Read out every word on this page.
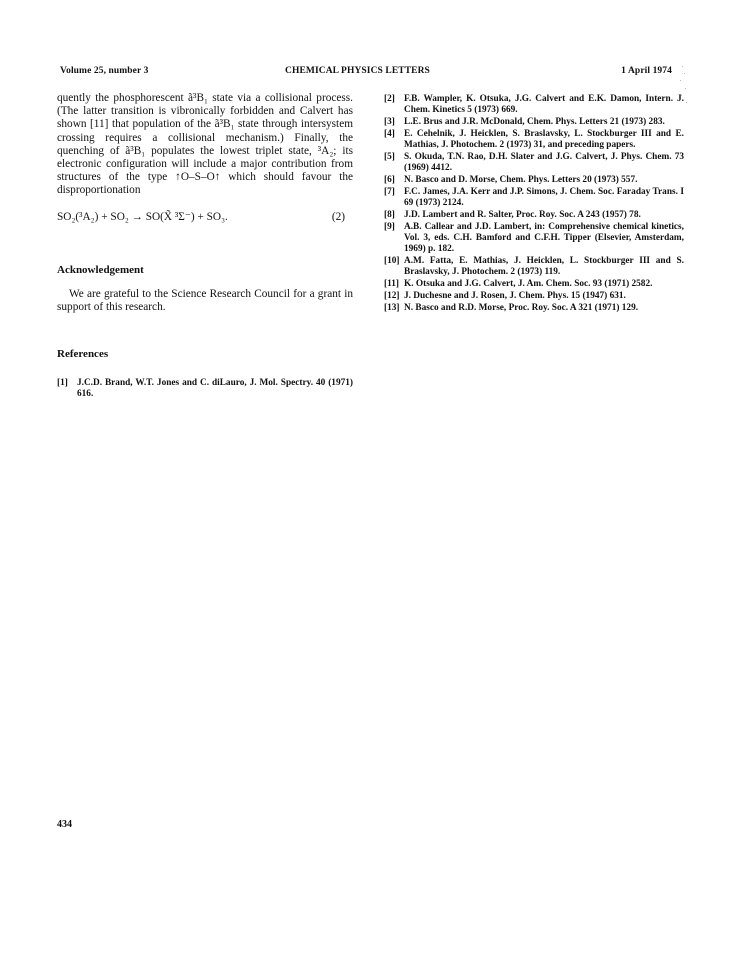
Volume 25, number 3	CHEMICAL PHYSICS LETTERS	1 April 1974

quently the phosphorescent ã³B₁ state via a collisional process. (The latter transition is vibronically forbidden and Calvert has shown [11] that population of the ã³B₁ state through intersystem crossing requires a collisional mechanism.) Finally, the quenching of ã³B₁ populates the lowest triplet state, ³A₂; its electronic configuration will include a major contribution from structures of the type ↑O–S–O↑ which should favour the disproportionation

SO₂(³A₂) + SO₂ → SO(X̃ ³Σ⁻) + SO₃.	(2)

Acknowledgement

We are grateful to the Science Research Council for a grant in support of this research.

References

[1] J.C.D. Brand, W.T. Jones and C. diLauro, J. Mol. Spectry. 40 (1971) 616.
[2] F.B. Wampler, K. Otsuka, J.G. Calvert and E.K. Damon, Intern. J. Chem. Kinetics 5 (1973) 669.
[3] L.E. Brus and J.R. McDonald, Chem. Phys. Letters 21 (1973) 283.
[4] E. Cehelnik, J. Heicklen, S. Braslavsky, L. Stockburger III and E. Mathias, J. Photochem. 2 (1973) 31, and preceding papers.
[5] S. Okuda, T.N. Rao, D.H. Slater and J.G. Calvert, J. Phys. Chem. 73 (1969) 4412.
[6] N. Basco and D. Morse, Chem. Phys. Letters 20 (1973) 557.
[7] F.C. James, J.A. Kerr and J.P. Simons, J. Chem. Soc. Faraday Trans. I 69 (1973) 2124.
[8] J.D. Lambert and R. Salter, Proc. Roy. Soc. A 243 (1957) 78.
[9] A.B. Callear and J.D. Lambert, in: Comprehensive chemical kinetics, Vol. 3, eds. C.H. Bamford and C.F.H. Tipper (Elsevier, Amsterdam, 1969) p. 182.
[10] A.M. Fatta, E. Mathias, J. Heicklen, L. Stockburger III and S. Braslavsky, J. Photochem. 2 (1973) 119.
[11] K. Otsuka and J.G. Calvert, J. Am. Chem. Soc. 93 (1971) 2582.
[12] J. Duchesne and J. Rosen, J. Chem. Phys. 15 (1947) 631.
[13] N. Basco and R.D. Morse, Proc. Roy. Soc. A 321 (1971) 129.
434
